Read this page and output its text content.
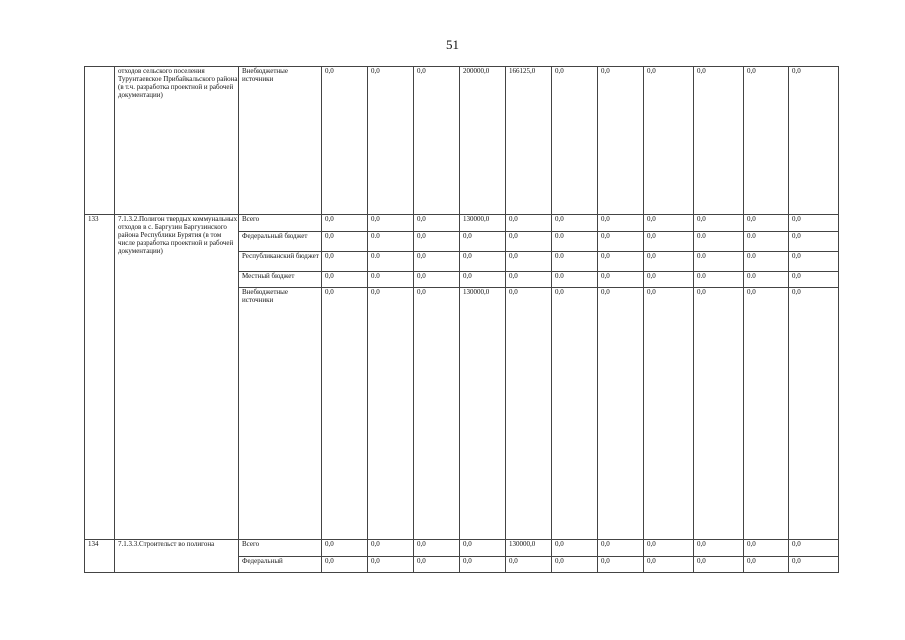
51
	отходов сельского поселения Турунтаевское Прибайкальского района (в т.ч. разработка проектной и рабочей документации)	Внебюджетные источники	0,0	0,0	0,0	200000,0	166125,0	0,0	0,0	0,0	0,0	0,0	0,0
133	7.1.3.2.Полигон твердых коммунальных отходов в с. Баргузин Баргузинского района Республики Бурятия (в том числе разработка проектной и рабочей документации)	Всего	0,0	0,0	0,0	130000,0	0,0	0,0	0,0	0,0	0,0	0,0	0,0
		Федеральный бюджет	0,0	0.0	0,0	0,0	0,0	0.0	0,0	0,0	0.0	0.0	0,0
		Республиканский бюджет	0,0	0.0	0,0	0,0	0,0	0.0	0,0	0,0	0.0	0.0	0,0
		Местный бюджет	0,0	0.0	0,0	0,0	0,0	0.0	0,0	0,0	0.0	0.0	0,0
		Внебюджетные источники	0,0	0,0	0,0	130000,0	0,0	0,0	0,0	0,0	0,0	0,0	0,0
134	7.1.3.3.Строительст во полигона	Всего	0,0	0,0	0,0	0,0	130000,0	0,0	0,0	0,0	0,0	0,0	0,0
		Федеральный	0,0	0,0	0,0	0,0	0,0	0,0	0,0	0,0	0,0	0,0	0,0
